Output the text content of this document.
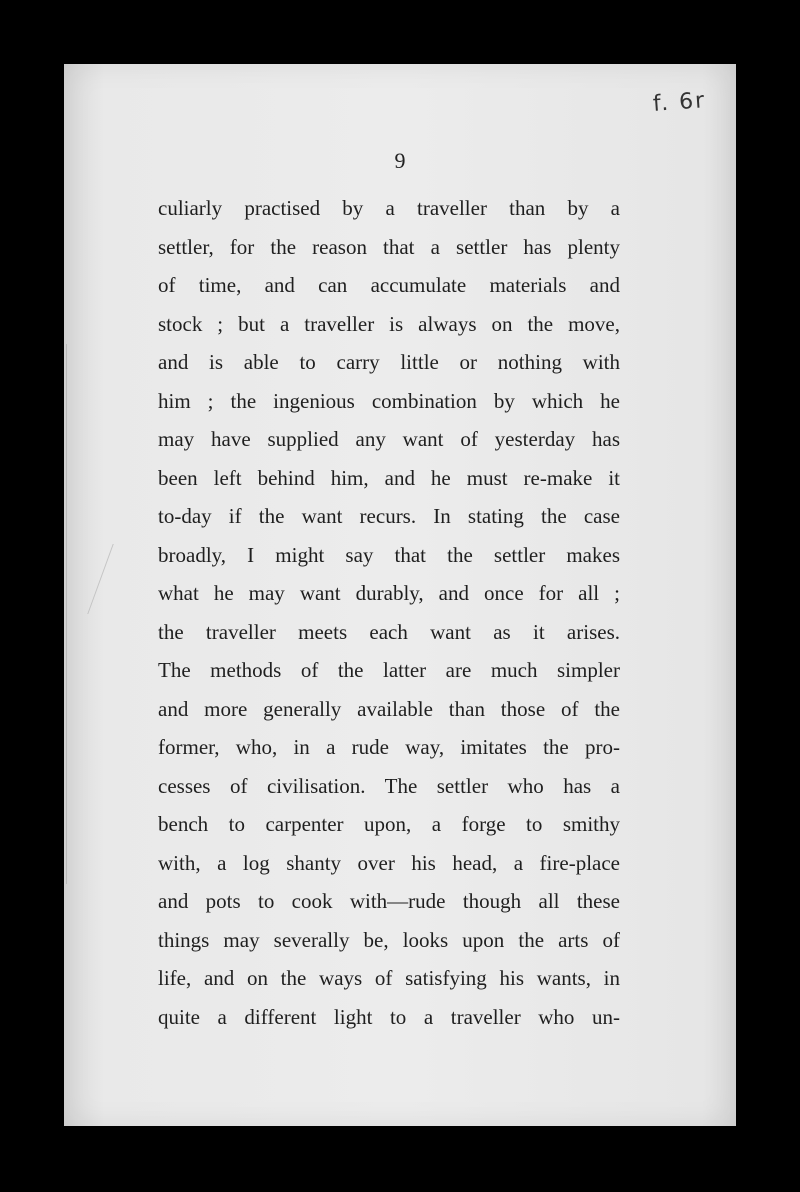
f. 6r
9
culiarly practised by a traveller than by a
settler, for the reason that a settler has plenty
of time, and can accumulate materials and
stock ; but a traveller is always on the move,
and is able to carry little or nothing with
him ; the ingenious combination by which he
may have supplied any want of yesterday has
been left behind him, and he must re-make it
to-day if the want recurs. In stating the case
broadly, I might say that the settler makes
what he may want durably, and once for all ;
the traveller meets each want as it arises.
The methods of the latter are much simpler
and more generally available than those of the
former, who, in a rude way, imitates the pro-
cesses of civilisation. The settler who has a
bench to carpenter upon, a forge to smithy
with, a log shanty over his head, a fire-place
and pots to cook with—rude though all these
things may severally be, looks upon the arts of
life, and on the ways of satisfying his wants, in
quite a different light to a traveller who un-
